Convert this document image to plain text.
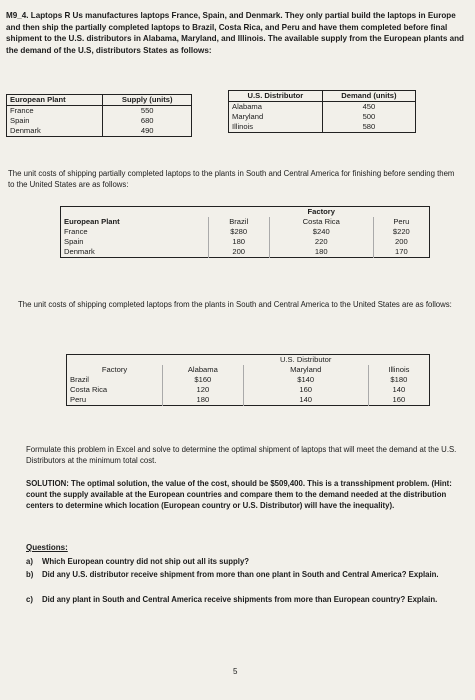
M9_4. Laptops R Us manufactures laptops France, Spain, and Denmark. They only partial build the laptops in Europe and then ship the partially completed laptops to Brazil, Costa Rica, and Peru and have them completed before final shipment to the U.S. distributors in Alabama, Maryland, and Illinois. The available supply from the European plants and the demand of the U.S, distributors States as follows:
European Plant	Supply (units)
France	550
Spain	680
Denmark	490
U.S. Distributor	Demand (units)
Alabama	450
Maryland	500
Illinois	580
The unit costs of shipping partially completed laptops to the plants in South and Central America for finishing before sending them to the United States are as follows:
		Factory	
European Plant	Brazil	Costa Rica	Peru
France	$280	$240	$220
Spain	180	220	200
Denmark	200	180	170
The unit costs of shipping completed laptops from the plants in South and Central America to the United States are as follows:
		U.S. Distributor	
Factory	Alabama	Maryland	Illinois
Brazil	$160	$140	$180
Costa Rica	120	160	140
Peru	180	140	160
Formulate this problem in Excel and solve to determine the optimal shipment of laptops that will meet the demand at the U.S. Distributors at the minimum total cost.
SOLUTION: The optimal solution, the value of the cost, should be $509,400. This is a transshipment problem. (Hint: count the supply available at the European countries and compare them to the demand needed at the distribution centers to determine which location (European country or U.S. Distributor) will have the inequality).
Questions:
a) Which European country did not ship out all its supply?
b) Did any U.S. distributor receive shipment from more than one plant in South and Central America? Explain.
c) Did any plant in South and Central America receive shipments from more than European country? Explain.
5
